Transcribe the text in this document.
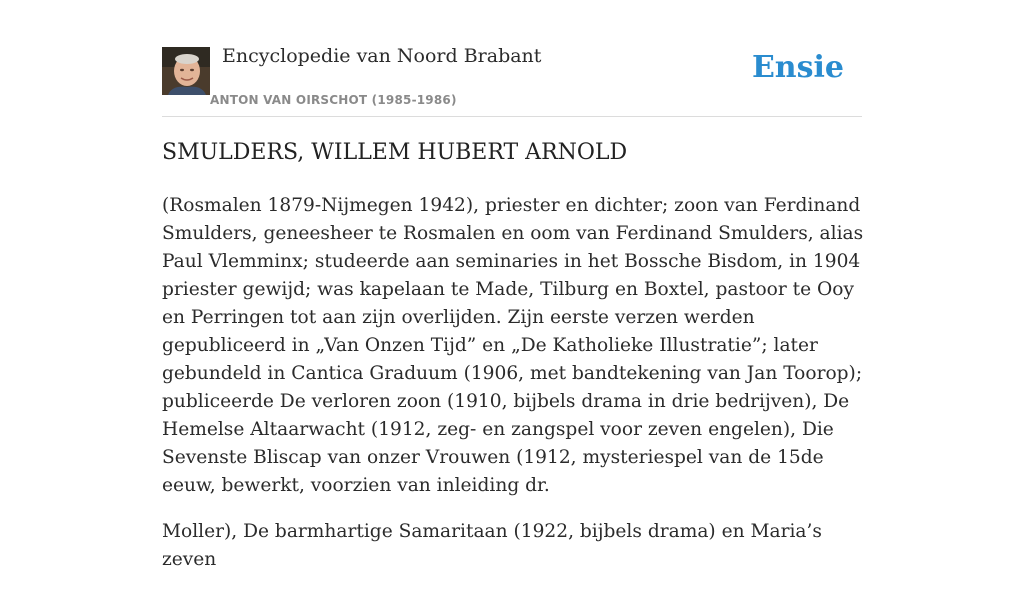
Encyclopedie van Noord Brabant
ANTON VAN OIRSCHOT (1985-1986)
Ensie
SMULDERS, WILLEM HUBERT ARNOLD

(Rosmalen 1879-Nijmegen 1942), priester en dichter; zoon van Ferdinand Smulders, geneesheer te Rosmalen en oom van Ferdinand Smulders, alias Paul Vlemminx; studeerde aan seminaries in het Bossche Bisdom, in 1904 priester gewijd; was kapelaan te Made, Tilburg en Boxtel, pastoor te Ooy en Perringen tot aan zijn overlijden. Zijn eerste verzen werden gepubliceerd in „Van Onzen Tijd” en „De Katholieke Illustratie”; later gebundeld in Cantica Graduum (1906, met bandtekening van Jan Toorop); publiceerde De verloren zoon (1910, bijbels drama in drie bedrijven), De Hemelse Altaarwacht (1912, zeg- en zangspel voor zeven engelen), Die Sevenste Bliscap van onzer Vrouwen (1912, mysteriespel van de 15de eeuw, bewerkt, voorzien van inleiding dr.

Moller), De barmhartige Samaritaan (1922, bijbels drama) en Maria’s zeven
